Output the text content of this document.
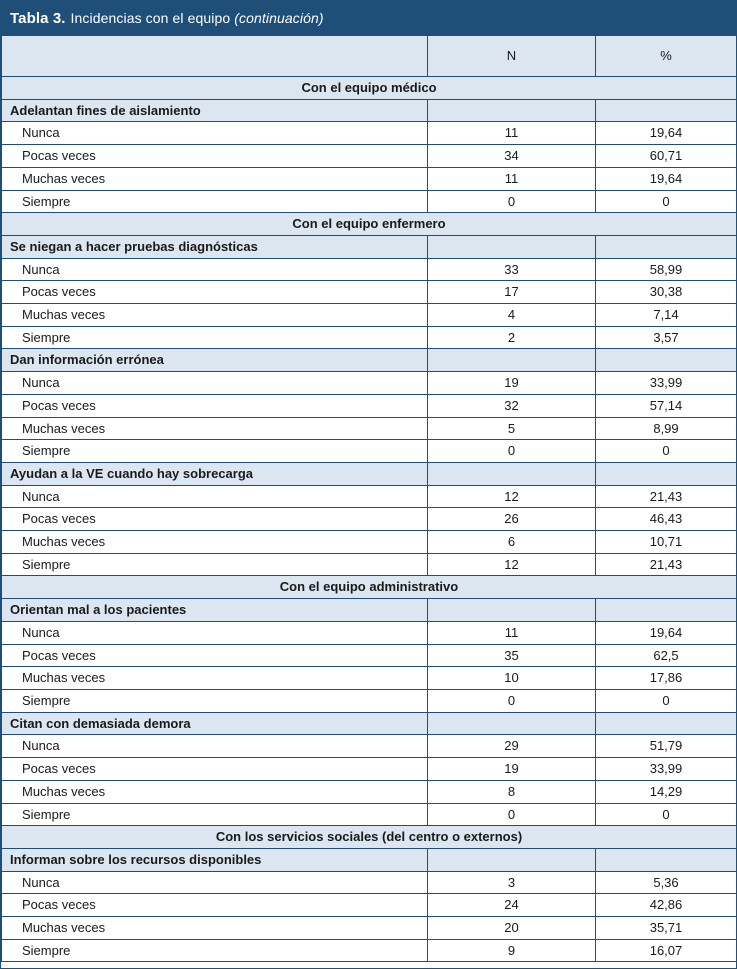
Tabla 3. Incidencias con el equipo (continuación)
	N	%
Con el equipo médico		
Adelantan fines de aislamiento		
Nunca	11	19,64
Pocas veces	34	60,71
Muchas veces	11	19,64
Siempre	0	0
Con el equipo enfermero		
Se niegan a hacer pruebas diagnósticas		
Nunca	33	58,99
Pocas veces	17	30,38
Muchas veces	4	7,14
Siempre	2	3,57
Dan información errónea		
Nunca	19	33,99
Pocas veces	32	57,14
Muchas veces	5	8,99
Siempre	0	0
Ayudan a la VE cuando hay sobrecarga		
Nunca	12	21,43
Pocas veces	26	46,43
Muchas veces	6	10,71
Siempre	12	21,43
Con el equipo administrativo		
Orientan mal a los pacientes		
Nunca	11	19,64
Pocas veces	35	62,5
Muchas veces	10	17,86
Siempre	0	0
Citan con demasiada demora		
Nunca	29	51,79
Pocas veces	19	33,99
Muchas veces	8	14,29
Siempre	0	0
Con los servicios sociales (del centro o externos)		
Informan sobre los recursos disponibles		
Nunca	3	5,36
Pocas veces	24	42,86
Muchas veces	20	35,71
Siempre	9	16,07
